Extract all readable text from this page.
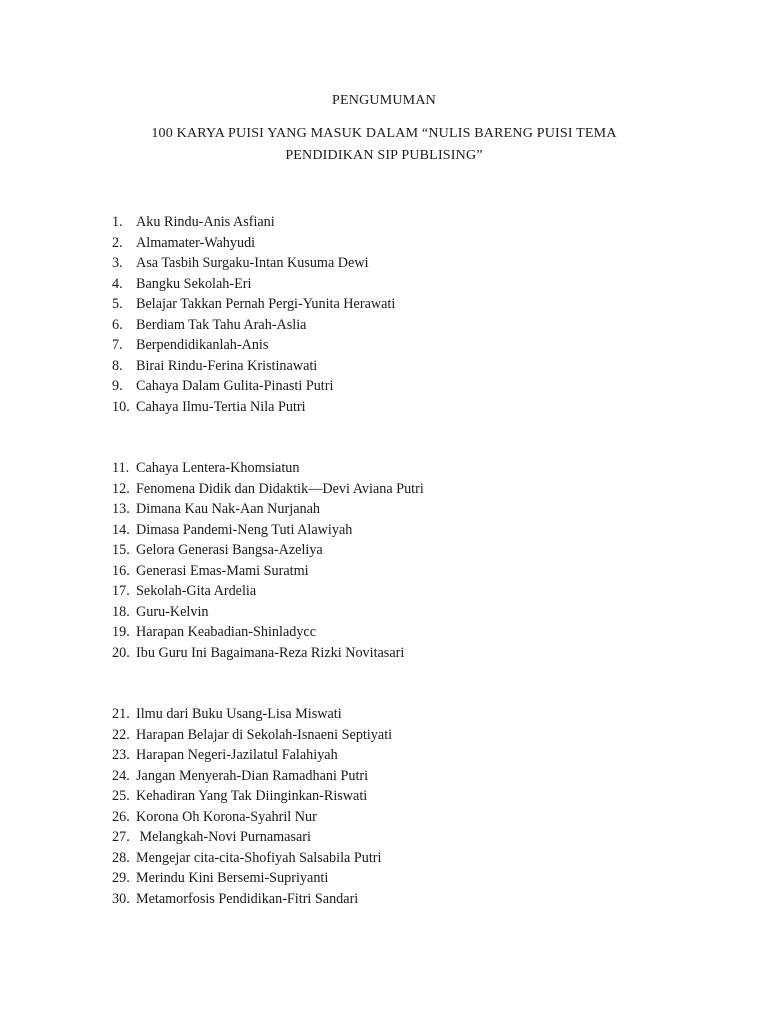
PENGUMUMAN

100 KARYA PUISI YANG MASUK DALAM “NULIS BARENG PUISI TEMA

PENDIDIKAN SIP PUBLISING”

1. Aku Rindu-Anis Asfiani
2. Almamater-Wahyudi
3. Asa Tasbih Surgaku-Intan Kusuma Dewi
4. Bangku Sekolah-Eri
5. Belajar Takkan Pernah Pergi-Yunita Herawati
6. Berdiam Tak Tahu Arah-Aslia
7. Berpendidikanlah-Anis
8. Birai Rindu-Ferina Kristinawati
9. Cahaya Dalam Gulita-Pinasti Putri
10. Cahaya Ilmu-Tertia Nila Putri
11. Cahaya Lentera-Khomsiatun
12. Fenomena Didik dan Didaktik—Devi Aviana Putri
13. Dimana Kau Nak-Aan Nurjanah
14. Dimasa Pandemi-Neng Tuti Alawiyah
15. Gelora Generasi Bangsa-Azeliya
16. Generasi Emas-Mami Suratmi
17. Sekolah-Gita Ardelia
18. Guru-Kelvin
19. Harapan Keabadian-Shinladycc
20. Ibu Guru Ini Bagaimana-Reza Rizki Novitasari
21. Ilmu dari Buku Usang-Lisa Miswati
22. Harapan Belajar di Sekolah-Isnaeni Septiyati
23. Harapan Negeri-Jazilatul Falahiyah
24. Jangan Menyerah-Dian Ramadhani Putri
25. Kehadiran Yang Tak Diinginkan-Riswati
26. Korona Oh Korona-Syahril Nur
27. Melangkah-Novi Purnamasari
28. Mengejar cita-cita-Shofiyah Salsabila Putri
29. Merindu Kini Bersemi-Supriyanti
30. Metamorfosis Pendidikan-Fitri Sandari
